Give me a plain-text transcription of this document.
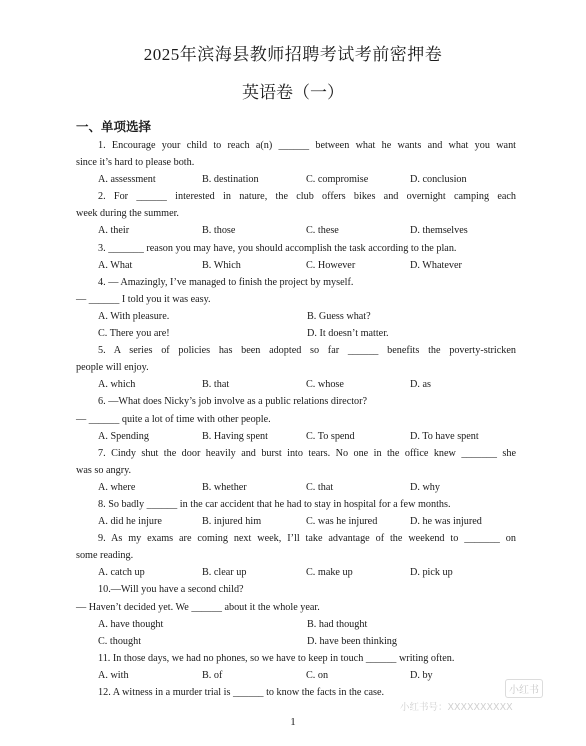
2025年滨海县教师招聘考试考前密押卷
英语卷（一）
一、单项选择
1. Encourage your child to reach a(n) ______ between what he wants and what you want
since it’s hard to please both.
A. assessment	B. destination	C. compromise	D. conclusion
2. For ______ interested in nature, the club offers bikes and overnight camping each
week during the summer.
A. their	B. those	C. these	D. themselves
3. _______ reason you may have, you should accomplish the task according to the plan.
A. What	B. Which	C. However	D. Whatever
4. — Amazingly, I’ve managed to finish the project by myself.
— ______ I told you it was easy.
A. With pleasure.	B. Guess what?
C. There you are!	D. It doesn’t matter.
5. A series of policies has been adopted so far ______ benefits the poverty-stricken
people will enjoy.
A. which	B. that	C. whose	D. as
6. —What does Nicky’s job involve as a public relations director?
— ______ quite a lot of time with other people.
A. Spending	B. Having spent	C. To spend	D. To have spent
7. Cindy shut the door heavily and burst into tears. No one in the office knew _______ she
was so angry.
A. where	B. whether	C. that	D. why
8. So badly ______ in the car accident that he had to stay in hospital for a few months.
A. did he injure	B. injured him	C. was he injured	D. he was injured
9. As my exams are coming next week, I’ll take advantage of the weekend to _______ on
some reading.
A. catch up	B. clear up	C. make up	D. pick up
10.—Will you have a second child?
— Haven’t decided yet. We ______ about it the whole year.
A. have thought	B. had thought
C. thought	D. have been thinking
11. In those days, we had no phones, so we have to keep in touch ______ writing often.
A. with	B. of	C. on	D. by
12. A witness in a murder trial is ______ to know the facts in the case.
1
小红书
小红书号：XXXXXXXXXX
